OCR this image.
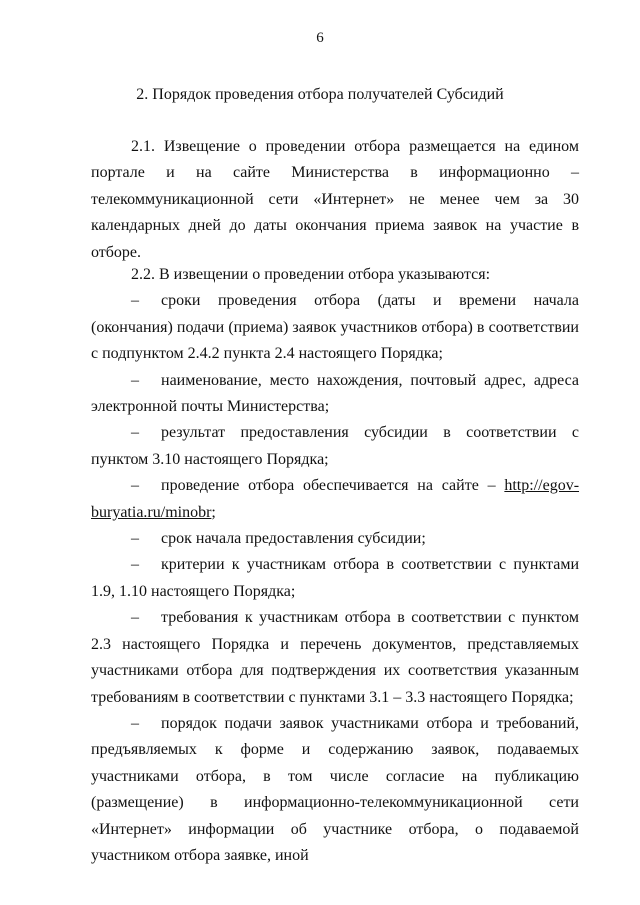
6
2. Порядок проведения отбора получателей Субсидий

2.1. Извещение о проведении отбора размещается на едином портале и на сайте Министерства в информационно – телекоммуникационной сети «Интернет» не менее чем за 30 календарных дней до даты окончания приема заявок на участие в отборе.

2.2. В извещении о проведении отбора указываются:

– сроки проведения отбора (даты и времени начала (окончания) подачи (приема) заявок участников отбора) в соответствии с подпунктом 2.4.2 пункта 2.4 настоящего Порядка;
– наименование, место нахождения, почтовый адрес, адреса электронной почты Министерства;
– результат предоставления субсидии в соответствии с пунктом 3.10 настоящего Порядка;
– проведение отбора обеспечивается на сайте – http://egov-buryatia.ru/minobr;
– срок начала предоставления субсидии;
– критерии к участникам отбора в соответствии с пунктами 1.9, 1.10 настоящего Порядка;
– требования к участникам отбора в соответствии с пунктом 2.3 настоящего Порядка и перечень документов, представляемых участниками отбора для подтверждения их соответствия указанным требованиям в соответствии с пунктами 3.1 – 3.3 настоящего Порядка;
– порядок подачи заявок участниками отбора и требований, предъявляемых к форме и содержанию заявок, подаваемых участниками отбора, в том числе согласие на публикацию (размещение) в информационно-телекоммуникационной сети «Интернет» информации об участнике отбора, о подаваемой участником отбора заявке, иной
